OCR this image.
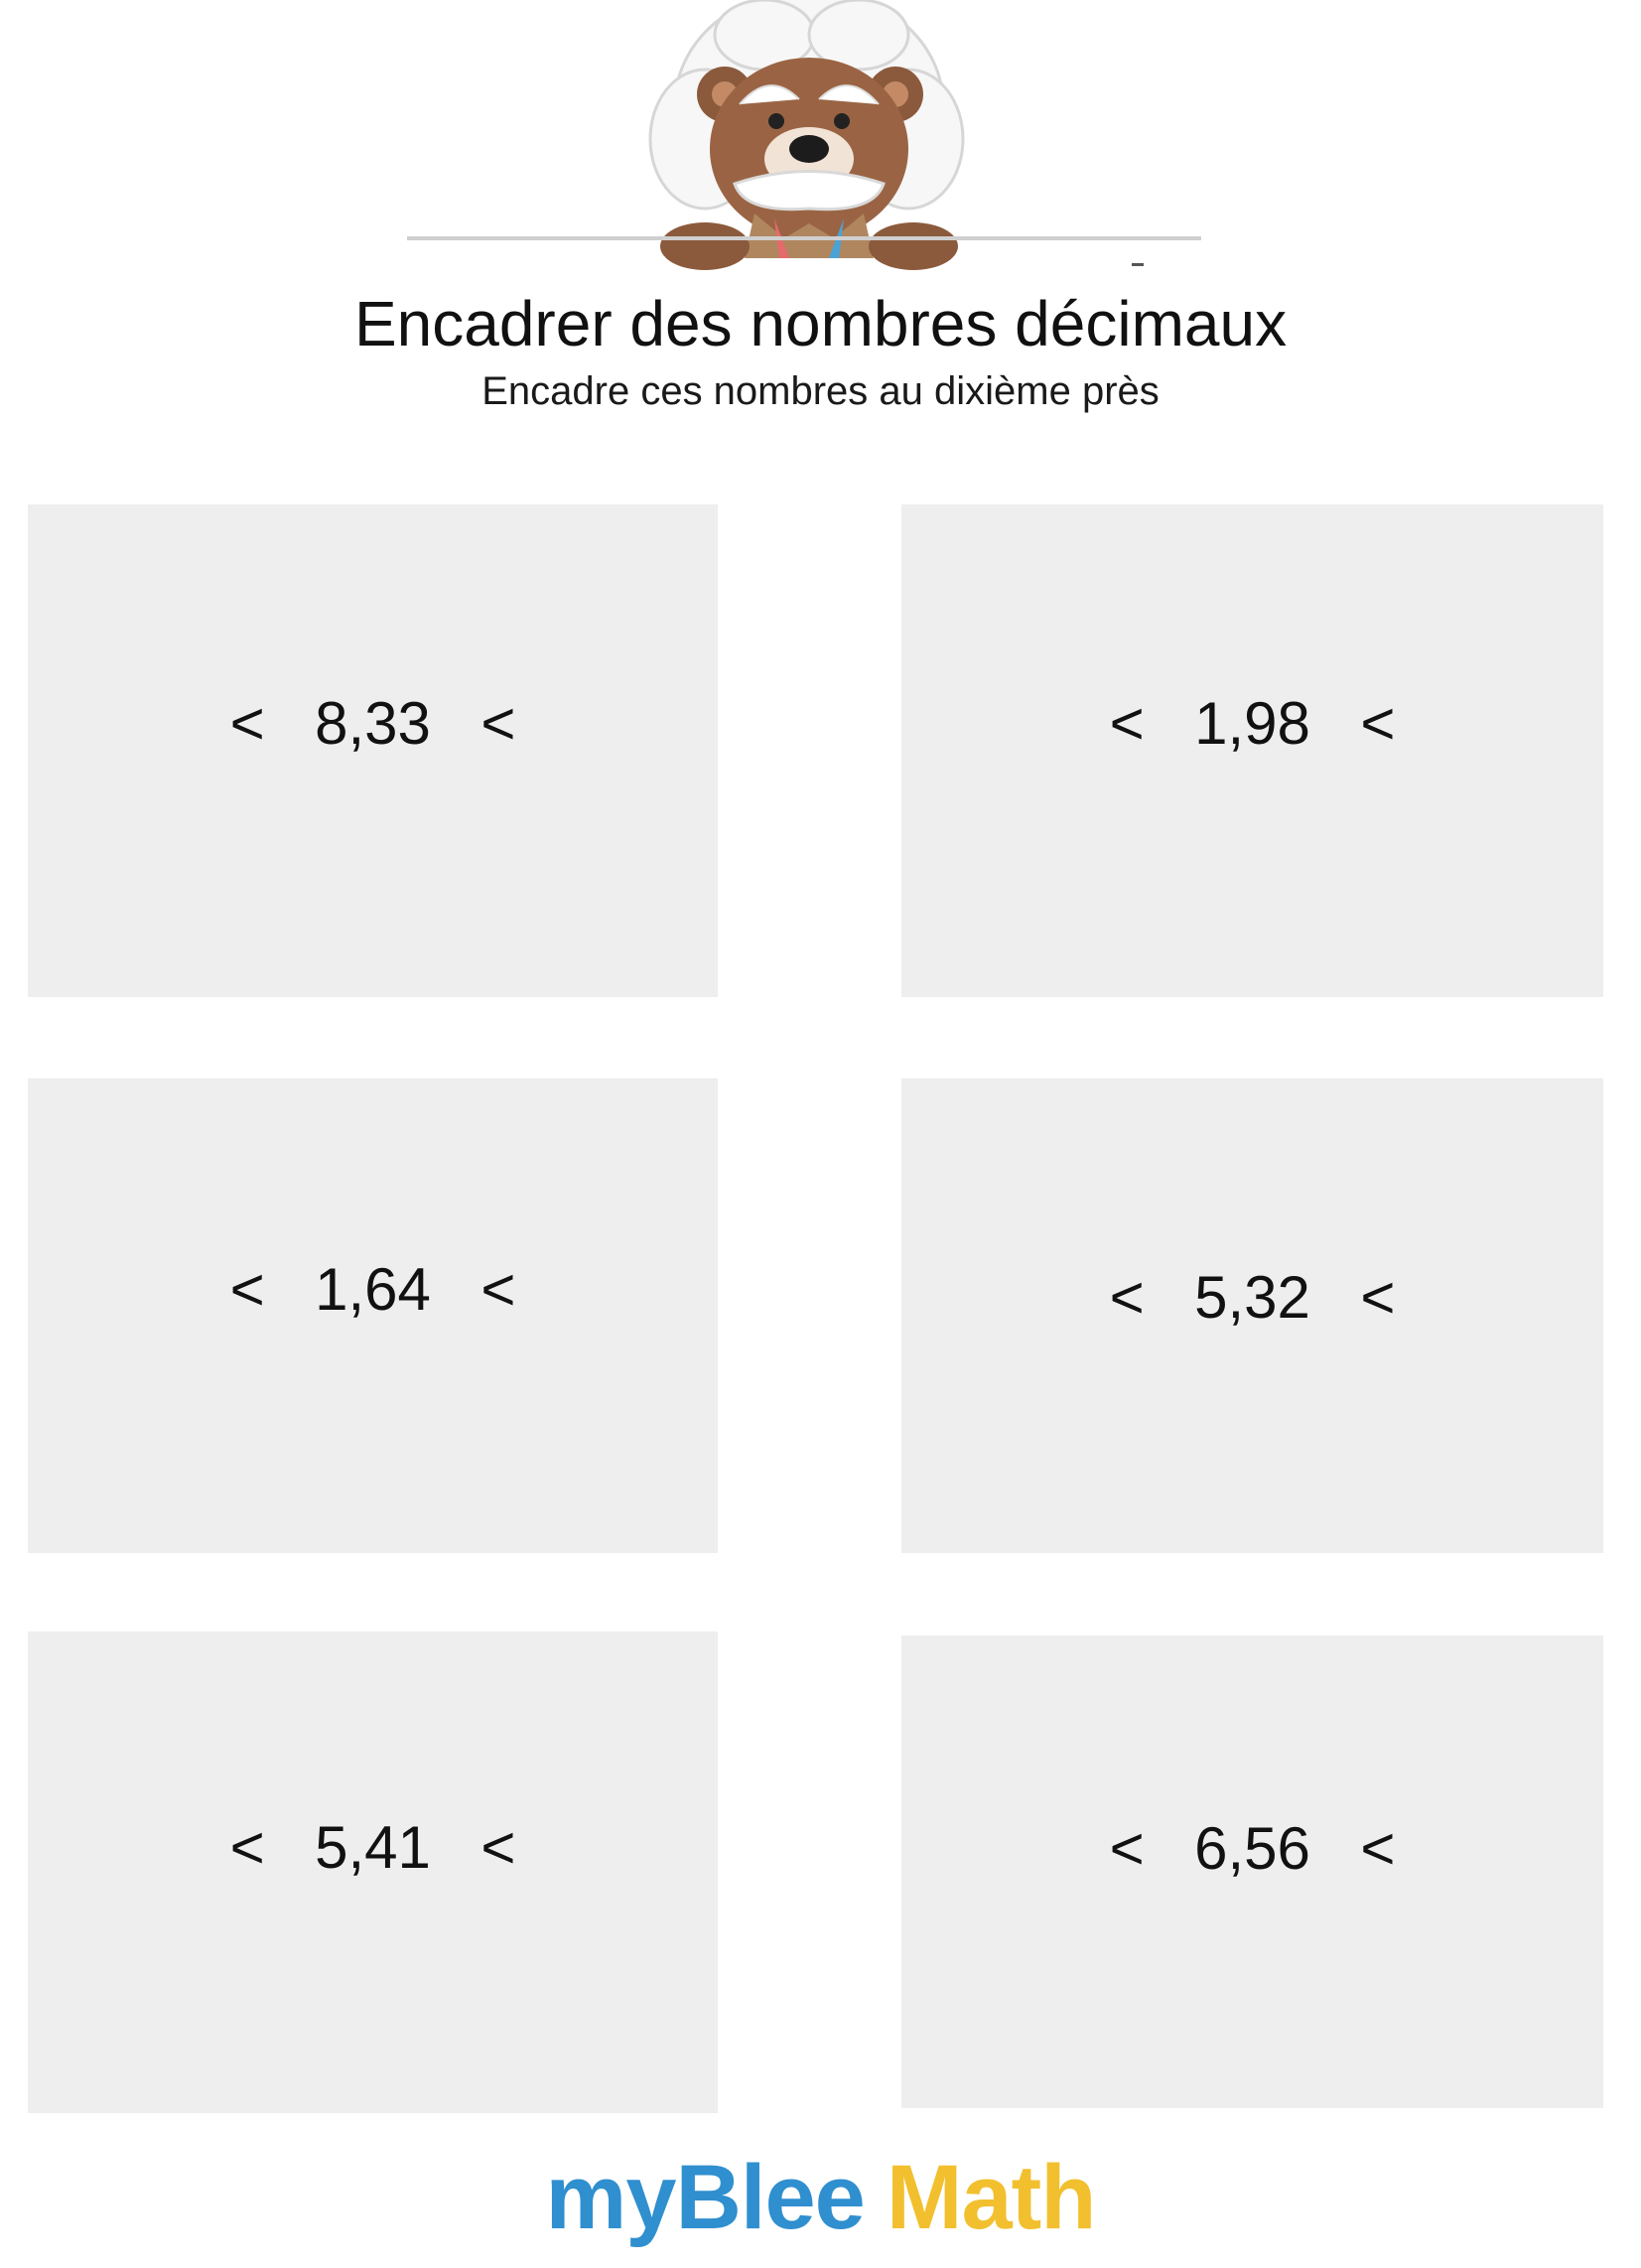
Encadrer des nombres décimaux
Encadre ces nombres au dixième près
< 8,33 <	< 1,98 <
< 1,64 <	< 5,32 <
< 5,41 <	< 6,56 <
myBlee Math
